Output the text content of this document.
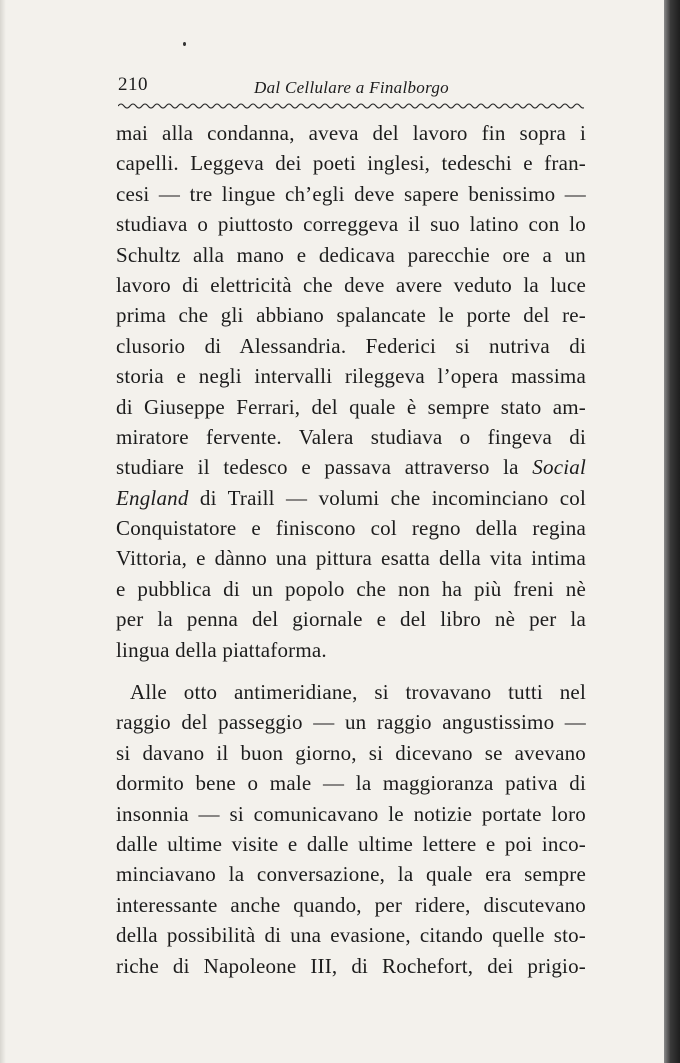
210	Dal Cellulare a Finalborgo
mai alla condanna, aveva del lavoro fin sopra i
capelli. Leggeva dei poeti inglesi, tedeschi e fran-
cesi — tre lingue ch’egli deve sapere benissimo —
studiava o piuttosto correggeva il suo latino con lo
Schultz alla mano e dedicava parecchie ore a un
lavoro di elettricità che deve avere veduto la luce
prima che gli abbiano spalancate le porte del re-
clusorio di Alessandria. Federici si nutriva di
storia e negli intervalli rileggeva l’opera massima
di Giuseppe Ferrari, del quale è sempre stato am-
miratore fervente. Valera studiava o fingeva di
studiare il tedesco e passava attraverso la Social
England di Traill — volumi che incominciano col
Conquistatore e finiscono col regno della regina
Vittoria, e dànno una pittura esatta della vita intima
e pubblica di un popolo che non ha più freni nè
per la penna del giornale e del libro nè per la
lingua della piattaforma.
Alle otto antimeridiane, si trovavano tutti nel
raggio del passeggio — un raggio angustissimo —
si davano il buon giorno, si dicevano se avevano
dormito bene o male — la maggioranza pativa di
insonnia — si comunicavano le notizie portate loro
dalle ultime visite e dalle ultime lettere e poi inco-
minciavano la conversazione, la quale era sempre
interessante anche quando, per ridere, discutevano
della possibilità di una evasione, citando quelle sto-
riche di Napoleone III, di Rochefort, dei prigio-
